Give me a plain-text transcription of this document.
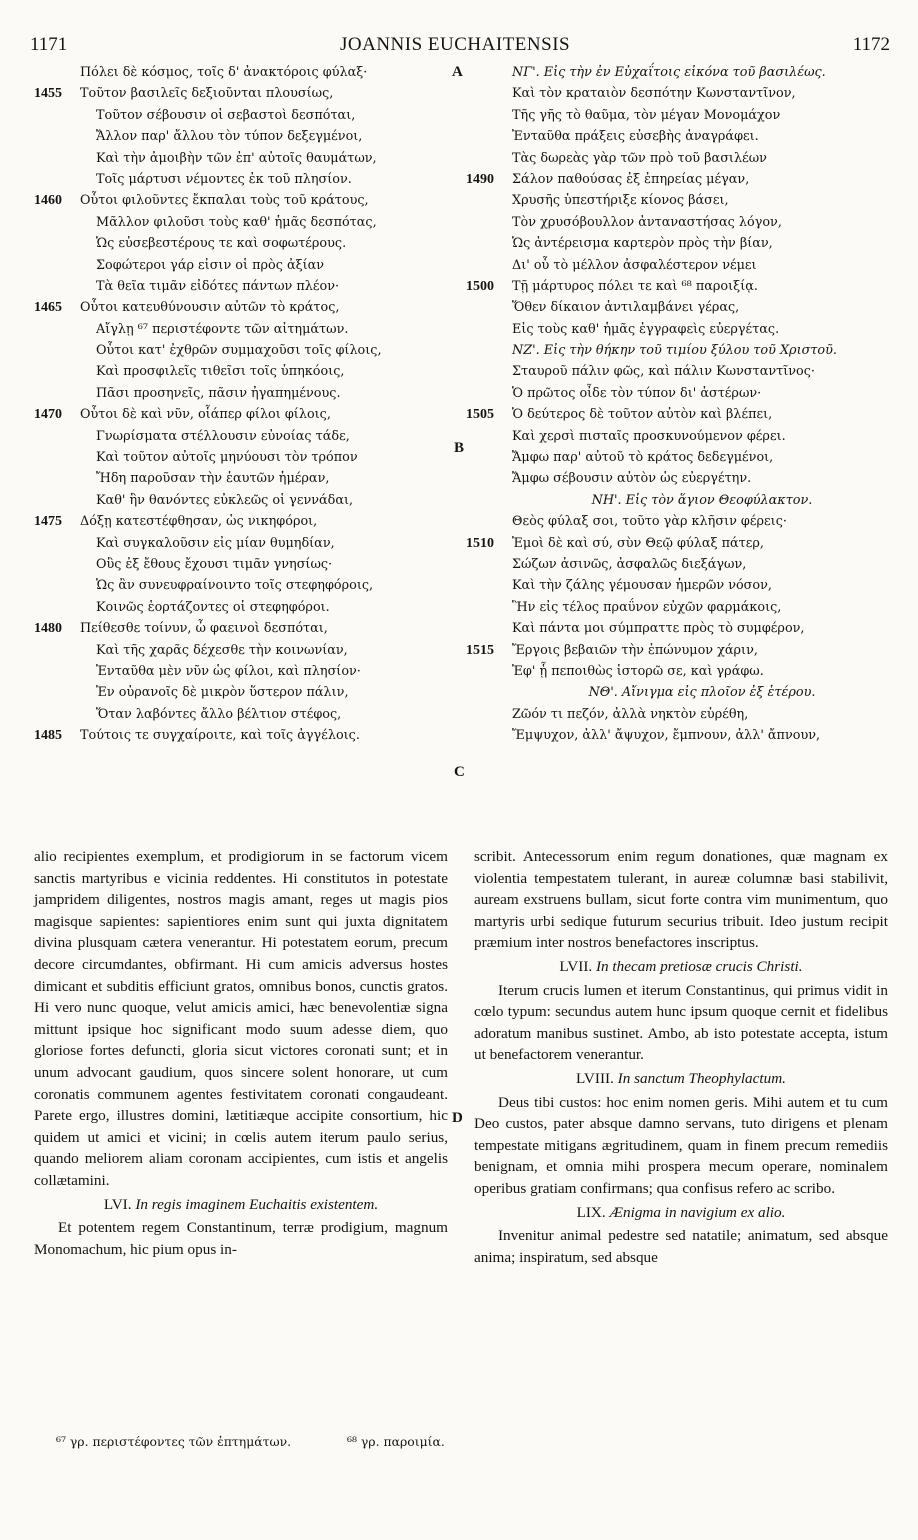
1171	JOANNIS EUCHAITENSIS	1172
Πόλει δὲ κόσμος, τοῖς δ' ἀνακτόροις φύλαξ·
1455 Τοῦτον βασιλεῖς δεξιοῦνται πλουσίως,
Τοῦτον σέβουσιν οἱ σεβαστοὶ δεσπόται,
Ἄλλον παρ' ἄλλου τὸν τύπον δεξεγμένοι,
Καὶ τὴν ἀμοιβὴν τῶν ἐπ' αὐτοῖς θαυμάτων,
Τοῖς μάρτυσι νέμοντες ἐκ τοῦ πλησίον.
1460 Οὗτοι φιλοῦντες ἔκπαλαι τοὺς τοῦ κράτους,
Μᾶλλον φιλοῦσι τοὺς καθ' ἡμᾶς δεσπότας,
Ὡς εὐσεβεστέρους τε καὶ σοφωτέρους.
Σοφώτεροι γάρ εἰσιν οἱ πρὸς ἀξίαν
Τὰ θεῖα τιμᾶν εἰδότες πάντων πλέον·
1465 Οὗτοι κατευθύνουσιν αὐτῶν τὸ κράτος,
Αἴγλῃ ⁶⁷ περιστέφοντε τῶν αἰτημάτων.
Οὗτοι κατ' ἐχθρῶν συμμαχοῦσι τοῖς φίλοις,
Καὶ προσφιλεῖς τιθεῖσι τοῖς ὑπηκόοις,
Πᾶσι προσηνεῖς, πᾶσιν ἠγαπημένους.
1470 Οὗτοι δὲ καὶ νῦν, οἷάπερ φίλοι φίλοις,
Γνωρίσματα στέλλουσιν εὐνοίας τάδε,
Καὶ τοῦτον αὐτοῖς μηνύουσι τὸν τρόπον
Ἤδη παροῦσαν τὴν ἑαυτῶν ἡμέραν,
Καθ' ἣν θανόντες εὐκλεῶς οἱ γεννάδαι,
1475 Δόξῃ κατεστέφθησαν, ὡς νικηφόροι,
Καὶ συγκαλοῦσιν εἰς μίαν θυμηδίαν,
Οὓς ἐξ ἔθους ἔχουσι τιμᾶν γνησίως·
Ὡς ἂν συνευφραίνοιντο τοῖς στεφηφόροις,
Κοινῶς ἑορτάζοντες οἱ στεφηφόροι.
1480 Πείθεσθε τοίνυν, ὦ φαεινοὶ δεσπόται,
Καὶ τῆς χαρᾶς δέχεσθε τὴν κοινωνίαν,
Ἐνταῦθα μὲν νῦν ὡς φίλοι, καὶ πλησίον·
Ἐν οὐρανοῖς δὲ μικρὸν ὕστερον πάλιν,
Ὅταν λαβόντες ἄλλο βέλτιον στέφος,
1485 Τούτοις τε συγχαίροιτε, καὶ τοῖς ἀγγέλοις.
ΝΓ'. Εἰς τὴν ἐν Εὐχαΐτοις εἰκόνα τοῦ βασιλέως.
Καὶ τὸν κραταιὸν δεσπότην Κωνσταντῖνον,
Τῆς γῆς τὸ θαῦμα, τὸν μέγαν Μονομάχον
Ἐνταῦθα πράξεις εὐσεβὴς ἀναγράφει.
Τὰς δωρεὰς γὰρ τῶν πρὸ τοῦ βασιλέων
1490 Σάλον παθούσας ἐξ ἐπηρείας μέγαν,
Χρυσῆς ὑπεστήριξε κίονος βάσει,
Τὸν χρυσόβουλλον ἀνταναστήσας λόγον,
Ὡς ἀντέρεισμα καρτερὸν πρὸς τὴν βίαν,
Δι' οὗ τὸ μέλλον ἀσφαλέστερον νέμει
1500 Τῇ μάρτυρος πόλει τε καὶ ⁶⁸ παροιξίᾳ.
Ὅθεν δίκαιον ἀντιλαμβάνει γέρας,
Εἰς τοὺς καθ' ἡμᾶς ἐγγραφεὶς εὐεργέτας.
ΝΖ'. Εἰς τὴν θήκην τοῦ τιμίου ξύλου τοῦ Χριστοῦ.
Σταυροῦ πάλιν φῶς, καὶ πάλιν Κωνσταντῖνος·
Ὁ πρῶτος οἶδε τὸν τύπον δι' ἀστέρων·
1505 Ὁ δεύτερος δὲ τοῦτον αὐτὸν καὶ βλέπει,
Καὶ χερσὶ πισταῖς προσκυνούμενον φέρει.
Ἄμφω παρ' αὐτοῦ τὸ κράτος δεδεγμένοι,
Ἄμφω σέβουσιν αὐτὸν ὡς εὐεργέτην.
ΝΗ'. Εἰς τὸν ἅγιον Θεοφύλακτον.
Θεὸς φύλαξ σοι, τοῦτο γὰρ κλῆσιν φέρεις·
1510 Ἐμοὶ δὲ καὶ σύ, σὺν Θεῷ φύλαξ πάτερ,
Σώζων ἀσινῶς, ἀσφαλῶς διεξάγων,
Καὶ τὴν ζάλης γέμουσαν ἡμερῶν νόσον,
Ἣν εἰς τέλος πραΰνον εὐχῶν φαρμάκοις,
Καὶ πάντα μοι σύμπραττε πρὸς τὸ συμφέρον,
1515 Ἔργοις βεβαιῶν τὴν ἐπώνυμον χάριν,
Ἐφ' ᾗ πεποιθὼς ἱστορῶ σε, καὶ γράφω.
ΝΘ'. Αἴνιγμα εἰς πλοῖον ἐξ ἑτέρου.
Ζῶόν τι πεζόν, ἀλλὰ νηκτὸν εὑρέθη,
Ἔμψυχον, ἀλλ' ἄψυχον, ἔμπνουν, ἀλλ' ἄπνουν,
A
B
C
D

alio recipientes exemplum, et prodigiorum in se factorum vicem sanctis martyribus e vicinia reddentes. Hi constitutos in potestate jampridem diligentes, nostros magis amant, reges ut magis pios magisque sapientes: sapientiores enim sunt qui juxta dignitatem divina plusquam cætera venerantur. Hi potestatem eorum, precum decore circumdantes, obfirmant. Hi cum amicis adversus hostes dimicant et subditis efficiunt gratos, omnibus bonos, cunctis gratos. Hi vero nunc quoque, velut amicis amici, hæc benevolentiæ signa mittunt ipsique hoc significant modo suum adesse diem, quo gloriose fortes defuncti, gloria sicut victores coronati sunt; et in unum advocant gaudium, quos sincere solent honorare, ut cum coronatis communem agentes festivitatem coronati congaudeant. Parete ergo, illustres domini, lætitiæque accipite consortium, hic quidem ut amici et vicini; in cœlis autem iterum paulo serius, quando meliorem aliam coronam accipientes, cum istis et angelis collætamini.

LVI. In regis imaginem Euchaitis existentem.

Et potentem regem Constantinum, terræ prodigium, magnum Monomachum, hic pium opus in-

scribit. Antecessorum enim regum donationes, quæ magnam ex violentia tempestatem tulerant, in aureæ columnæ basi stabilivit, auream exstruens bullam, sicut forte contra vim munimentum, quo martyris urbi sedique futurum securius tribuit. Ideo justum recipit præmium inter nostros benefactores inscriptus.

LVII. In thecam pretiosæ crucis Christi.

Iterum crucis lumen et iterum Constantinus, qui primus vidit in cœlo typum: secundus autem hunc ipsum quoque cernit et fidelibus adoratum manibus sustinet. Ambo, ab isto potestate accepta, istum ut benefactorem venerantur.

LVIII. In sanctum Theophylactum.

Deus tibi custos: hoc enim nomen geris. Mihi autem et tu cum Deo custos, pater absque damno servans, tuto dirigens et plenam tempestate mitigans ægritudinem, quam in finem precum remediis benignam, et omnia mihi prospera mecum operare, nominalem operibus gratiam confirmans; qua confisus refero ac scribo.

LIX. Ænigma in navigium ex alio.

Invenitur animal pedestre sed natatile; animatum, sed absque anima; inspiratum, sed absque

⁶⁷ γρ. περιστέφοντες τῶν ἐπτημάτων.	⁶⁸ γρ. παροιμία.
